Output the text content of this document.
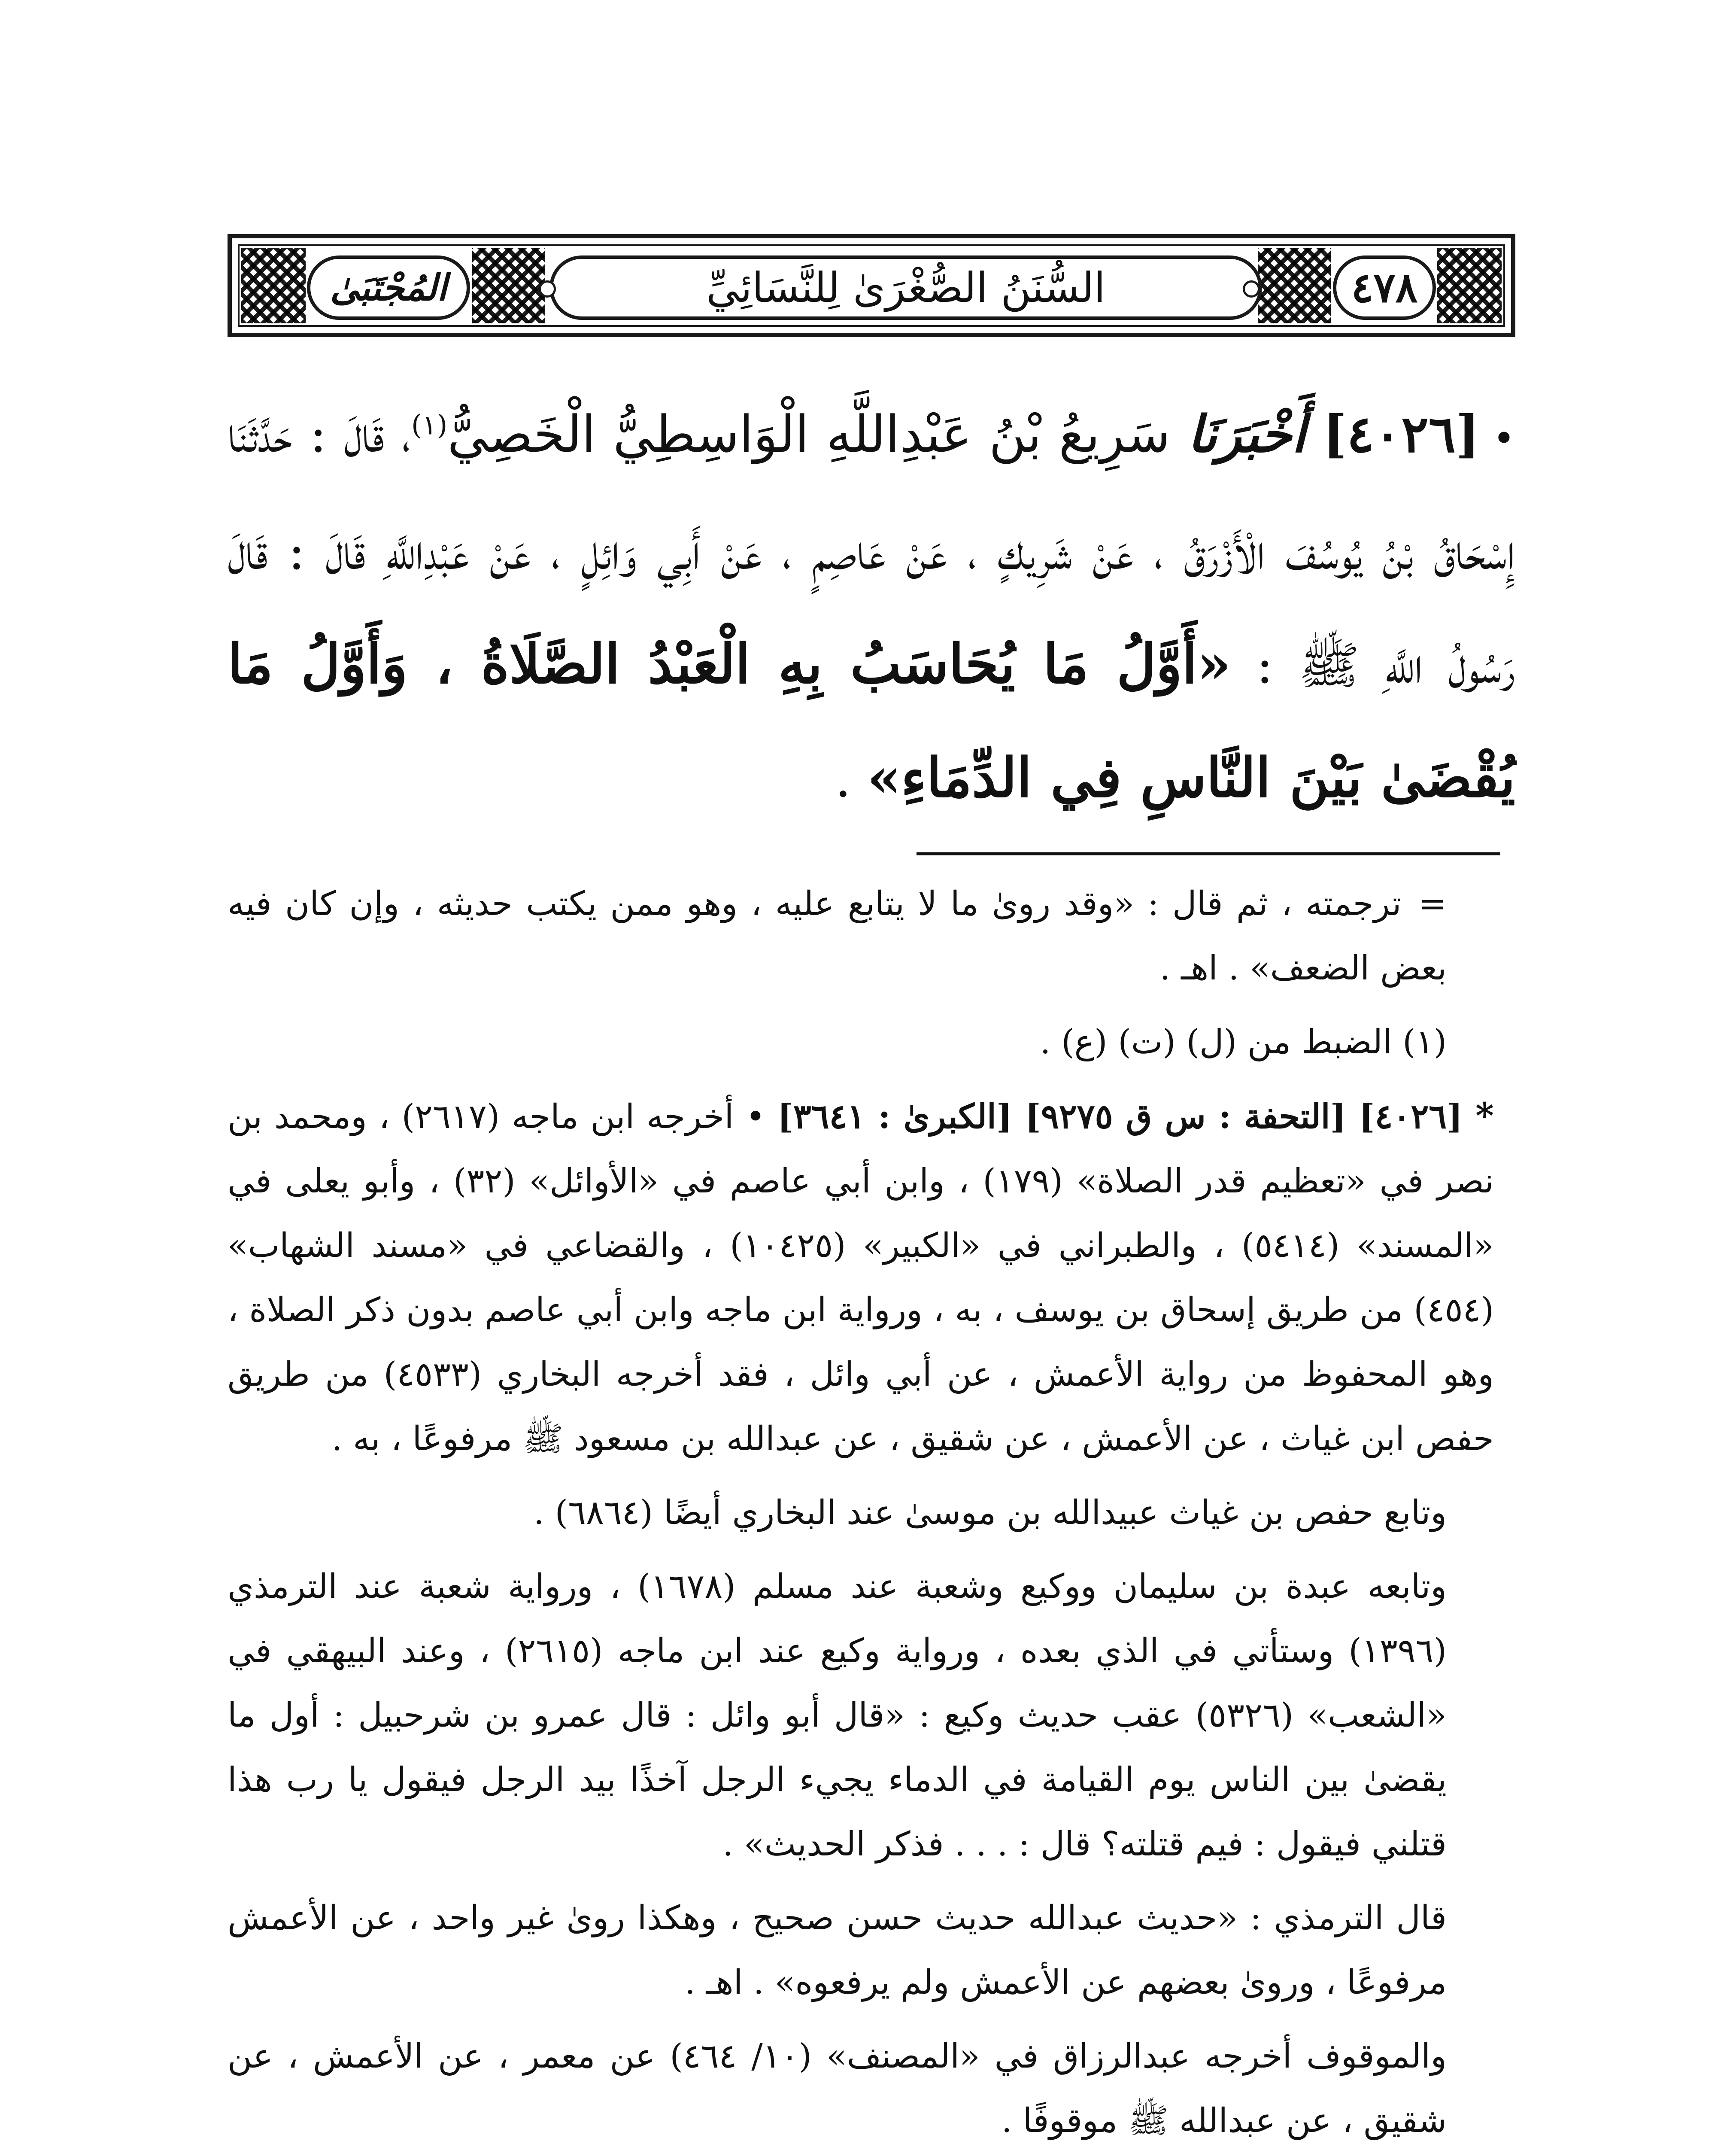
المُجْتَبَىٰ	السُّنَنُ الصُّغْرَىٰ لِلنَّسَائِيِّ	٤٧٨
•[٤٠٢٦] أَخْبَرَنَا سَرِيعُ بْنُ عَبْدِاللَّهِ الْوَاسِطِيُّ الْخَصِيُّ$^{(١)}$، قَالَ : حَدَّثَنَا إِسْحَاقُ بْنُ يُوسُفَ الْأَزْرَقُ ، عَنْ شَرِيكٍ ، عَنْ عَاصِمٍ ، عَنْ أَبِي وَائِلٍ ، عَنْ عَبْدِاللَّهِ قَالَ : قَالَ رَسُولُ اللَّهِ ﷺ : «أَوَّلُ مَا يُحَاسَبُ بِهِ الْعَبْدُ الصَّلَاةُ ، وَأَوَّلُ مَا يُقْضَىٰ بَيْنَ النَّاسِ فِي الدِّمَاءِ» .

=ترجمته ، ثم قال : «وقد روىٰ ما لا يتابع عليه ، وهو ممن يكتب حديثه ، وإن كان فيه بعض الضعف» . اهـ .

(١) الضبط من (ل) (ت) (ع) .

*[٤٠٢٦] [التحفة : س ق ٩٢٧٥] [الكبرىٰ : ٣٦٤١] • أخرجه ابن ماجه (٢٦١٧) ، ومحمد بن نصر في «تعظيم قدر الصلاة» (١٧٩) ، وابن أبي عاصم في «الأوائل» (٣٢) ، وأبو يعلى في «المسند» (٥٤١٤) ، والطبراني في «الكبير» (١٠٤٢٥) ، والقضاعي في «مسند الشهاب» (٤٥٤) من طريق إسحاق بن يوسف ، به ، ورواية ابن ماجه وابن أبي عاصم بدون ذكر الصلاة ، وهو المحفوظ من رواية الأعمش ، عن أبي وائل ، فقد أخرجه البخاري (٤٥٣٣) من طريق حفص ابن غياث ، عن الأعمش ، عن شقيق ، عن عبدالله بن مسعود ﷺ مرفوعًا ، به .

وتابع حفص بن غياث عبيدالله بن موسىٰ عند البخاري أيضًا (٦٨٦٤) .

وتابعه عبدة بن سليمان ووكيع وشعبة عند مسلم (١٦٧٨) ، ورواية شعبة عند الترمذي (١٣٩٦) وستأتي في الذي بعده ، ورواية وكيع عند ابن ماجه (٢٦١٥) ، وعند البيهقي في «الشعب» (٥٣٢٦) عقب حديث وكيع : «قال أبو وائل : قال عمرو بن شرحبيل : أول ما يقضىٰ بين الناس يوم القيامة في الدماء يجيء الرجل آخذًا بيد الرجل فيقول يا رب هذا قتلني فيقول : فيم قتلته؟ قال : . . . فذكر الحديث» .

قال الترمذي : «حديث عبدالله حديث حسن صحيح ، وهكذا روىٰ غير واحد ، عن الأعمش مرفوعًا ، وروىٰ بعضهم عن الأعمش ولم يرفعوه» . اهـ .

والموقوف أخرجه عبدالرزاق في «المصنف» (١٠/ ٤٦٤) عن معمر ، عن الأعمش ، عن شقيق ، عن عبدالله ﷺ موقوفًا .
